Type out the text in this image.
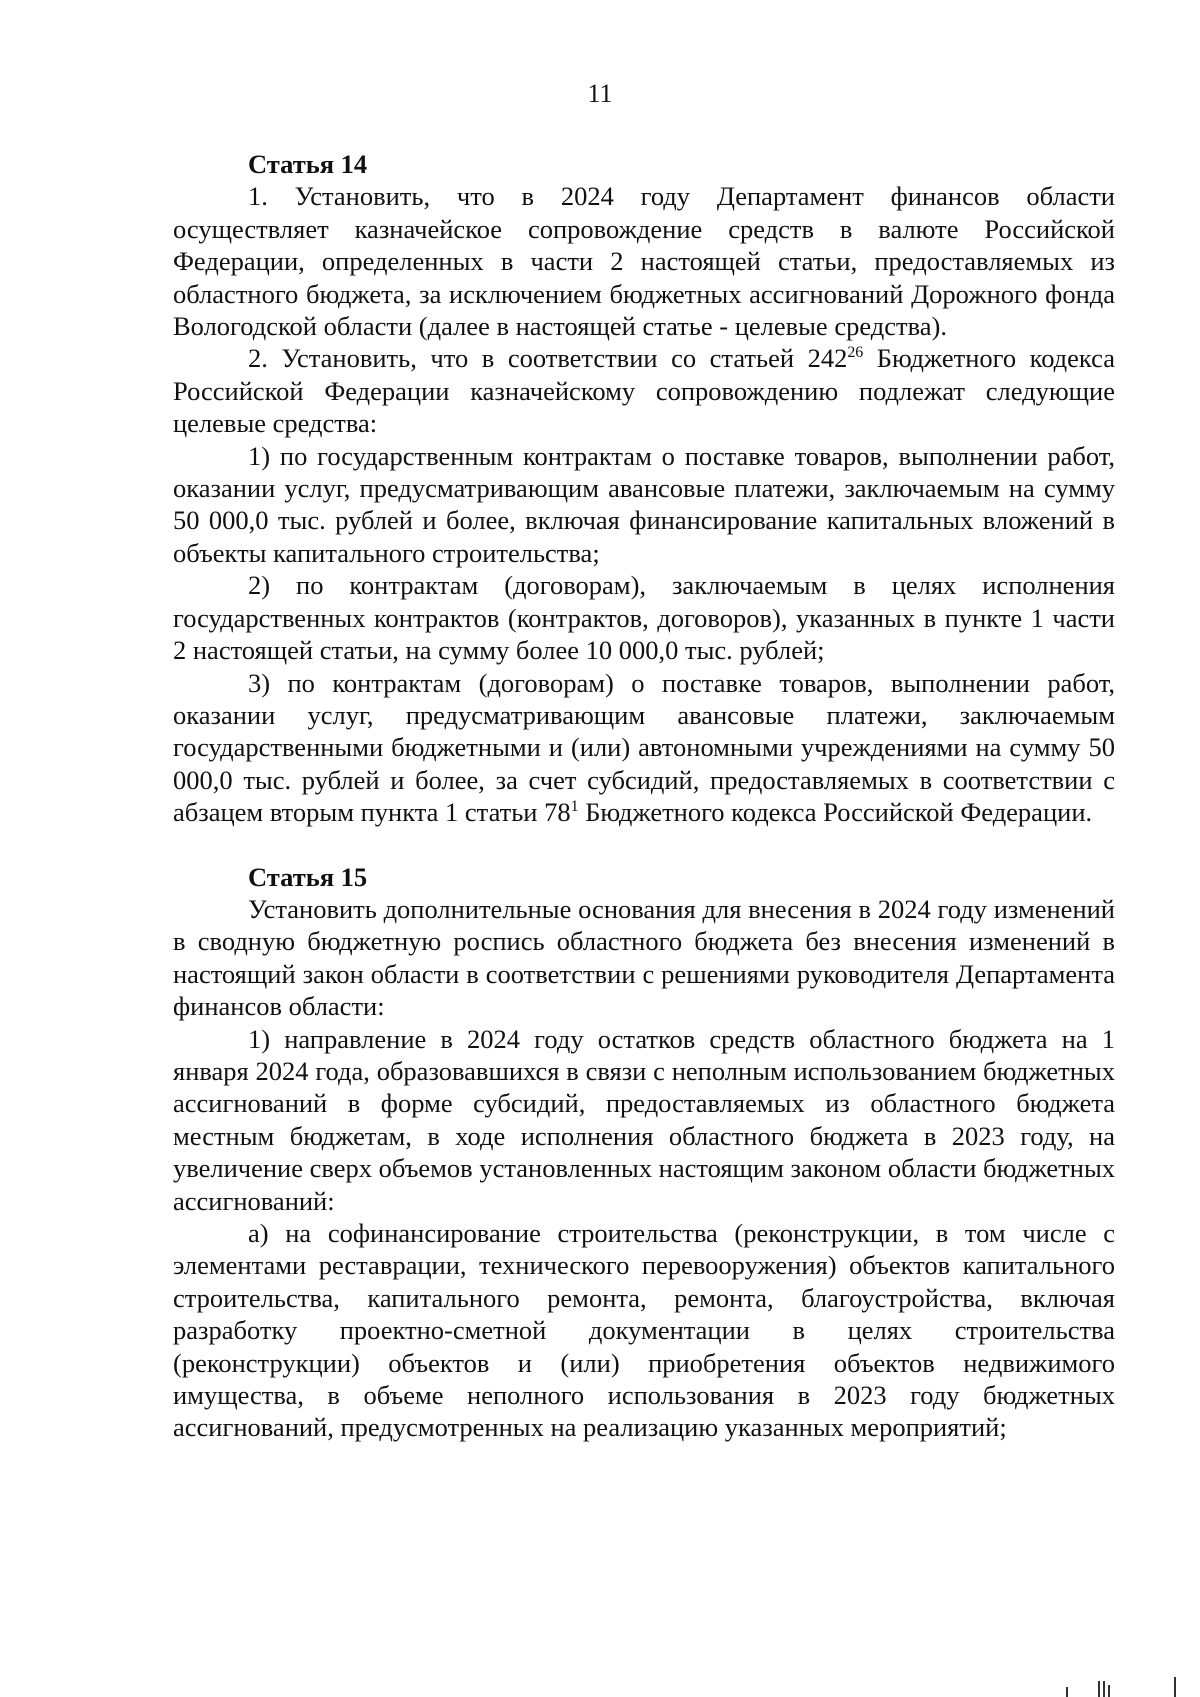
11

Статья 14

1. Установить, что в 2024 году Департамент финансов области осуществляет казначейское сопровождение средств в валюте Российской Федерации, определенных в части 2 настоящей статьи, предоставляемых из областного бюджета, за исключением бюджетных ассигнований Дорожного фонда Вологодской области (далее в настоящей статье - целевые средства).

2. Установить, что в соответствии со статьей $242^{26}$ Бюджетного кодекса Российской Федерации казначейскому сопровождению подлежат следующие целевые средства:

1) по государственным контрактам о поставке товаров, выполнении работ, оказании услуг, предусматривающим авансовые платежи, заключаемым на сумму 50 000,0 тыс. рублей и более, включая финансирование капитальных вложений в объекты капитального строительства;

2) по контрактам (договорам), заключаемым в целях исполнения государственных контрактов (контрактов, договоров), указанных в пункте 1 части 2 настоящей статьи, на сумму более 10 000,0 тыс. рублей;

3) по контрактам (договорам) о поставке товаров, выполнении работ, оказании услуг, предусматривающим авансовые платежи, заключаемым государственными бюджетными и (или) автономными учреждениями на сумму 50 000,0 тыс. рублей и более, за счет субсидий, предоставляемых в соответствии с абзацем вторым пункта 1 статьи $78^1$ Бюджетного кодекса Российской Федерации.

Статья 15

Установить дополнительные основания для внесения в 2024 году изменений в сводную бюджетную роспись областного бюджета без внесения изменений в настоящий закон области в соответствии с решениями руководителя Департамента финансов области:

1) направление в 2024 году остатков средств областного бюджета на 1 января 2024 года, образовавшихся в связи с неполным использованием бюджетных ассигнований в форме субсидий, предоставляемых из областного бюджета местным бюджетам, в ходе исполнения областного бюджета в 2023 году, на увеличение сверх объемов установленных настоящим законом области бюджетных ассигнований:

а) на софинансирование строительства (реконструкции, в том числе с элементами реставрации, технического перевооружения) объектов капитального строительства, капитального ремонта, ремонта, благоустройства, включая разработку проектно-сметной документации в целях строительства (реконструкции) объектов и (или) приобретения объектов недвижимого имущества, в объеме неполного использования в 2023 году бюджетных ассигнований, предусмотренных на реализацию указанных мероприятий;
